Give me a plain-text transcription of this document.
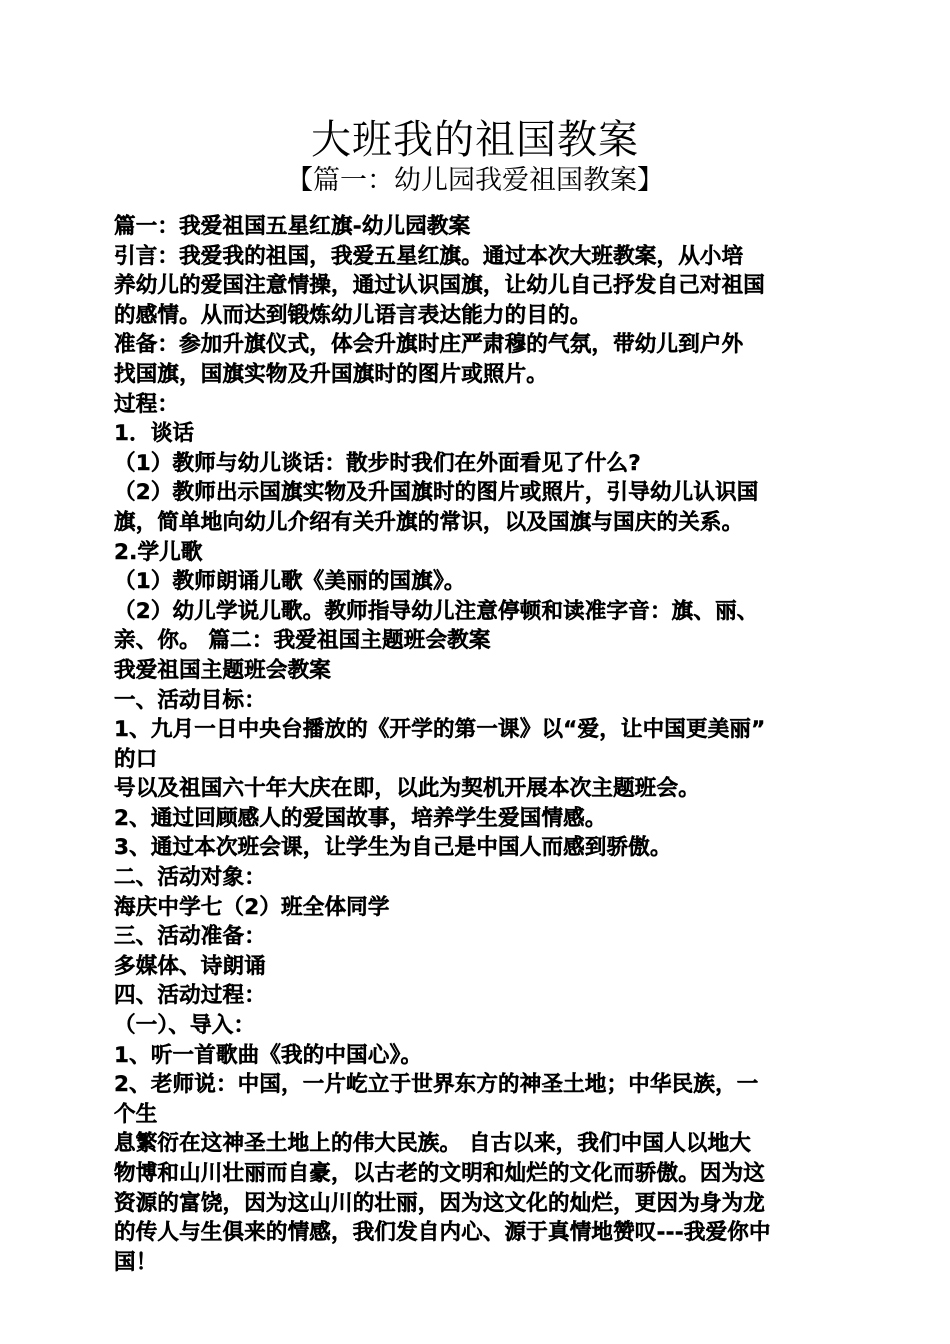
大班我的祖国教案
【篇一：幼儿园我爱祖国教案】
篇一：我爱祖国五星红旗-幼儿园教案
引言：我爱我的祖国，我爱五星红旗。通过本次大班教案，从小培
养幼儿的爱国注意情操，通过认识国旗，让幼儿自己抒发自己对祖国
的感情。从而达到锻炼幼儿语言表达能力的目的。
准备：参加升旗仪式，体会升旗时庄严肃穆的气氛，带幼儿到户外
找国旗，国旗实物及升国旗时的图片或照片。
过程：
1．谈话
（1）教师与幼儿谈话：散步时我们在外面看见了什么?
（2）教师出示国旗实物及升国旗时的图片或照片，引导幼儿认识国
旗，简单地向幼儿介绍有关升旗的常识，以及国旗与国庆的关系。
2.学儿歌
（1）教师朗诵儿歌《美丽的国旗》。
（2）幼儿学说儿歌。教师指导幼儿注意停顿和读准字音：旗、丽、
亲、你。 篇二：我爱祖国主题班会教案
我爱祖国主题班会教案
一、活动目标：
1、九月一日中央台播放的《开学的第一课》以“爱，让中国更美丽”
的口
号以及祖国六十年大庆在即，以此为契机开展本次主题班会。
2、通过回顾感人的爱国故事，培养学生爱国情感。
3、通过本次班会课，让学生为自己是中国人而感到骄傲。
二、活动对象：
海庆中学七（2）班全体同学
三、活动准备：
多媒体、诗朗诵
四、活动过程：
（一）、导入：
1、听一首歌曲《我的中国心》。
2、老师说：中国，一片屹立于世界东方的神圣土地；中华民族，一
个生
息繁衍在这神圣土地上的伟大民族。 自古以来，我们中国人以地大
物博和山川壮丽而自豪，以古老的文明和灿烂的文化而骄傲。因为这
资源的富饶，因为这山川的壮丽，因为这文化的灿烂，更因为身为龙
的传人与生俱来的情感，我们发自内心、源于真情地赞叹---我爱你中
国！
